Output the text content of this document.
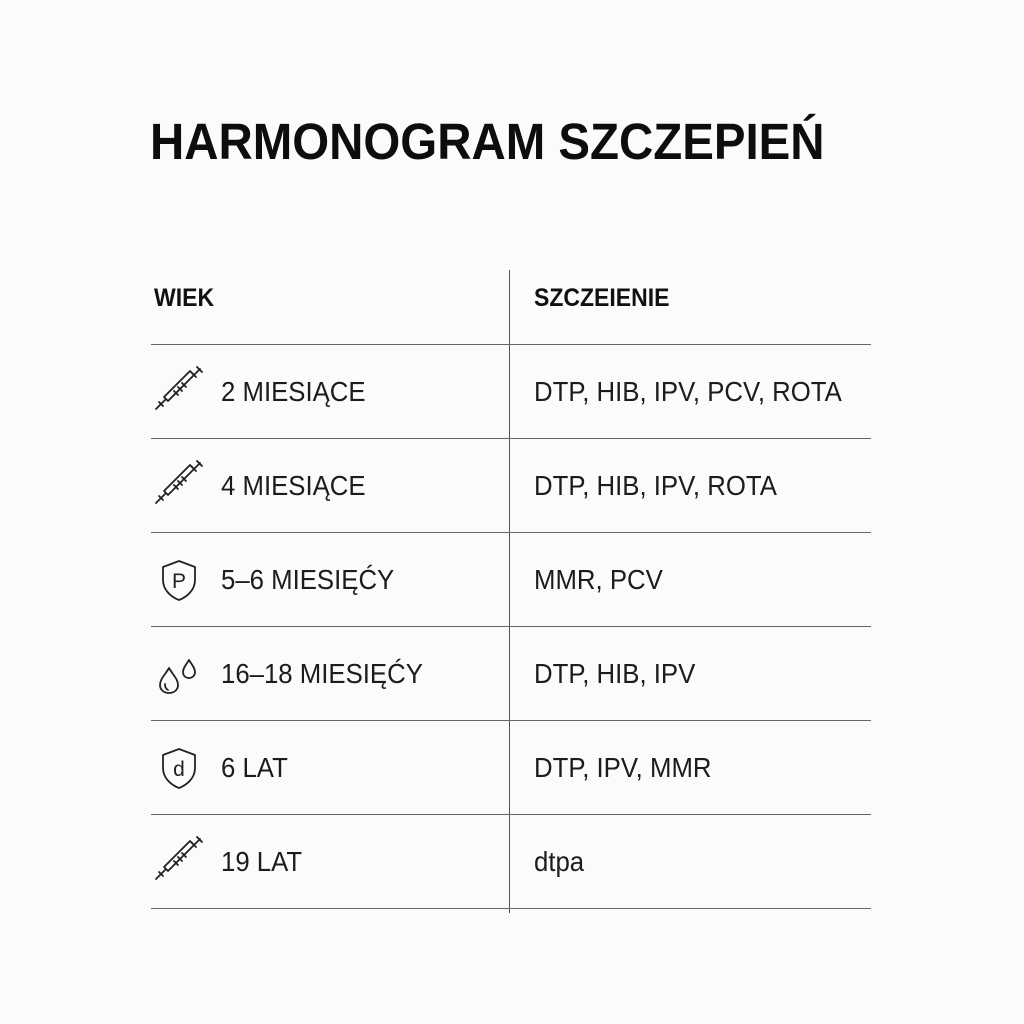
HARMONOGRAM SZCZEPIEŃ
WIEK	SZCZEIENIE
2 MIESIĄCE	DTP, HIB, IPV, PCV, ROTA
4 MIESIĄCE	DTP, HIB, IPV, ROTA
P 5–6 MIESIĘĆY	MMR, PCV
16–18 MIESIĘĆY	DTP, HIB, IPV
d 6 LAT	DTP, IPV, MMR
19 LAT	dtpa
